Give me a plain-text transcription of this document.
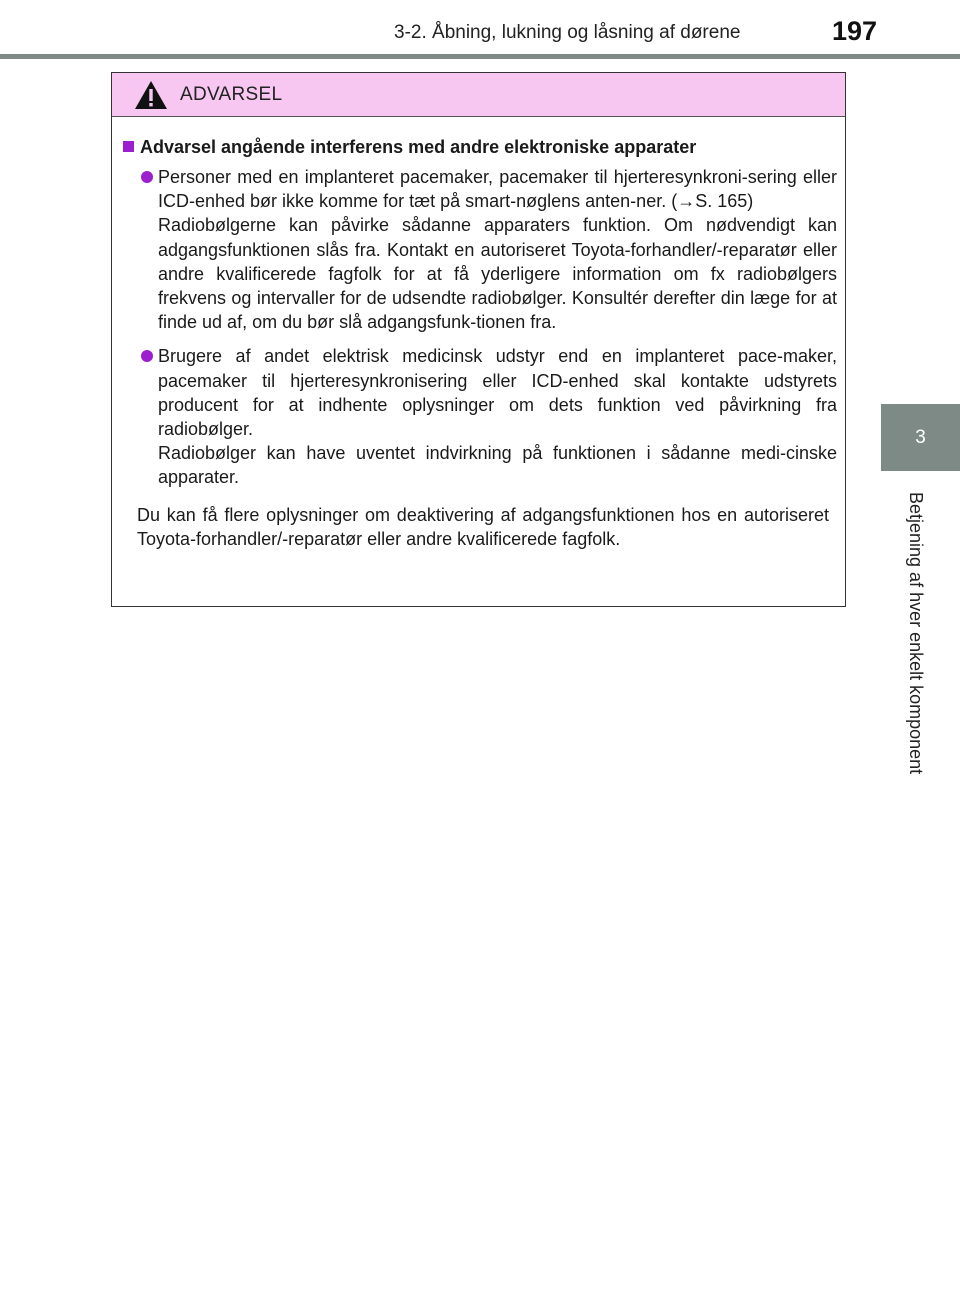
3-2. Åbning, lukning og låsning af dørene	197
3
Betjening af hver enkelt komponent
ADVARSEL
Advarsel angående interferens med andre elektroniske apparater

Personer med en implanteret pacemaker, pacemaker til hjerteresynkroni-sering eller ICD-enhed bør ikke komme for tæt på smart-nøglens anten-ner. (→S. 165)

Radiobølgerne kan påvirke sådanne apparaters funktion. Om nødvendigt kan adgangsfunktionen slås fra. Kontakt en autoriseret Toyota-forhandler/-reparatør eller andre kvalificerede fagfolk for at få yderligere information om fx radiobølgers frekvens og intervaller for de udsendte radiobølger. Konsultér derefter din læge for at finde ud af, om du bør slå adgangsfunk-tionen fra.

Brugere af andet elektrisk medicinsk udstyr end en implanteret pace-maker, pacemaker til hjerteresynkronisering eller ICD-enhed skal kontakte udstyrets producent for at indhente oplysninger om dets funktion ved påvirkning fra radiobølger.

Radiobølger kan have uventet indvirkning på funktionen i sådanne medi-cinske apparater.

Du kan få flere oplysninger om deaktivering af adgangsfunktionen hos en autoriseret Toyota-forhandler/-reparatør eller andre kvalificerede fagfolk.
